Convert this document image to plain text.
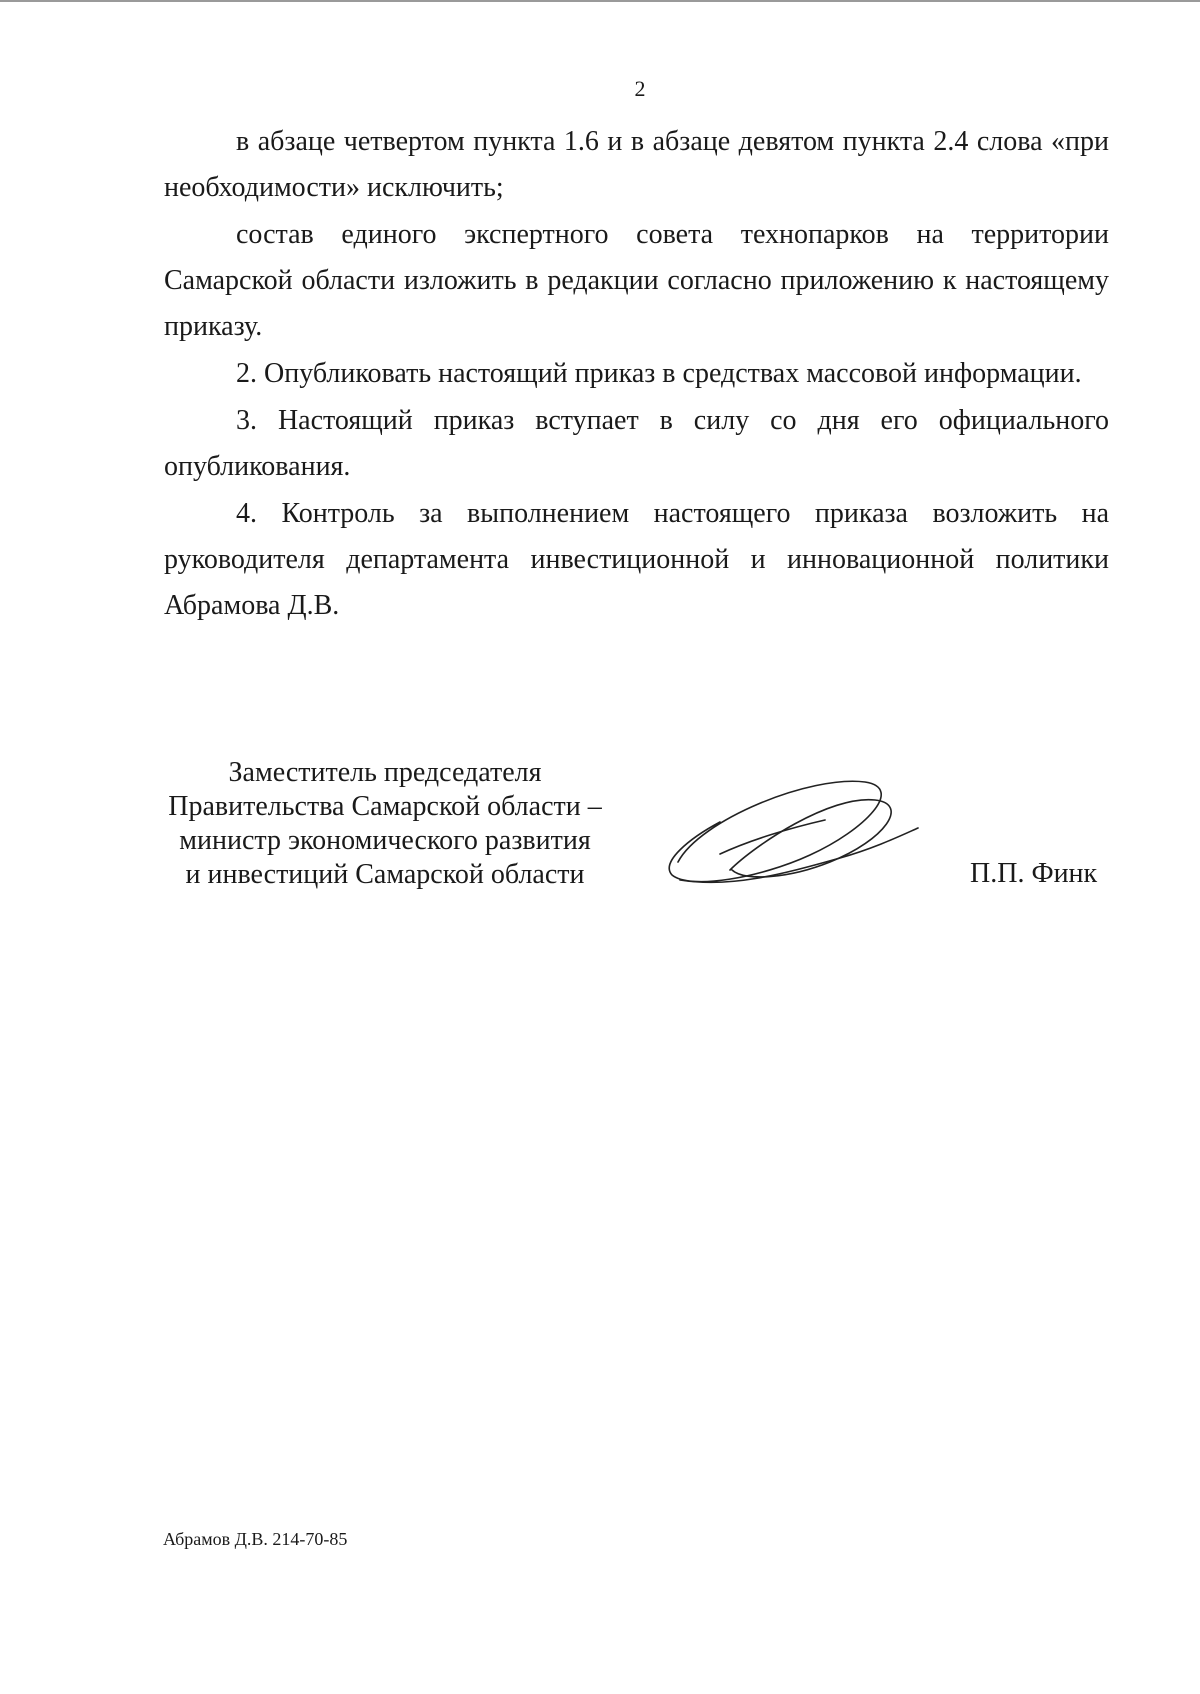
2

в абзаце четвертом пункта 1.6 и в абзаце девятом пункта 2.4 слова «при необходимости» исключить;

состав единого экспертного совета технопарков на территории Самарской области изложить в редакции согласно приложению к настоящему приказу.

2. Опубликовать настоящий приказ в средствах массовой информации.

3. Настоящий приказ вступает в силу со дня его официального опубликования.

4. Контроль за выполнением настоящего приказа возложить на руководителя департамента инвестиционной и инновационной политики Абрамова Д.В.

Заместитель председателя
Правительства Самарской области –
министр экономического развития
и инвестиций Самарской области	П.П. Финк
Абрамов Д.В. 214-70-85
